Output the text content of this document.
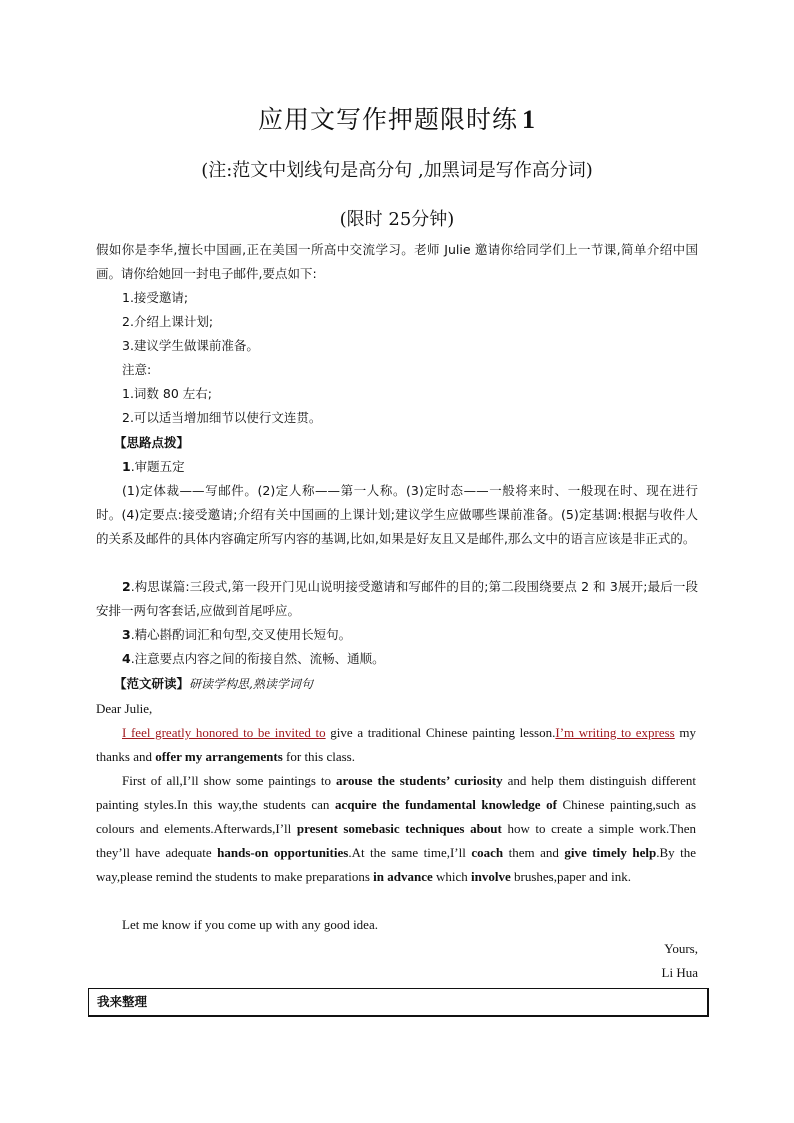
应用文写作押题限时练 1
(注:范文中划线句是高分句 ,加黑词是写作高分词)
(限时 25分钟)
假如你是李华,擅长中国画,正在美国一所高中交流学习。老师 Julie 邀请你给同学们上一节课,简单介绍中国画。请你给她回一封电子邮件,要点如下:
1.接受邀请;
2.介绍上课计划;
3.建议学生做课前准备。
注意:
1.词数 80 左右;
2.可以适当增加细节以使行文连贯。
【思路点拨】
1.审题五定
(1)定体裁——写邮件。(2)定人称——第一人称。(3)定时态——一般将来时、一般现在时、现在进行时。(4)定要点:接受邀请;介绍有关中国画的上课计划;建议学生应做哪些课前准备。(5)定基调:根据与收件人的关系及邮件的具体内容确定所写内容的基调,比如,如果是好友且又是邮件,那么文中的语言应该是非正式的。
2.构思谋篇:三段式,第一段开门见山说明接受邀请和写邮件的目的;第二段围绕要点 2 和 3展开;最后一段安排一两句客套话,应做到首尾呼应。
3.精心斟酌词汇和句型,交叉使用长短句。
4.注意要点内容之间的衔接自然、流畅、通顺。
【范文研读】研读学构思,熟读学词句
Dear Julie,
I feel greatly honored to be invited to give a traditional Chinese painting lesson.I’m writing to express my thanks and offer my arrangements for this class.
First of all,I’ll show some paintings to arouse the students’ curiosity and help them distinguish different painting styles.In this way,the students can acquire the fundamental knowledge of Chinese painting,such as colours and elements.Afterwards,I’ll present somebasic techniques about how to create a simple work.Then they’ll have adequate hands-on opportunities.At the same time,I’ll coach them and give timely help.By the way,please remind the students to make preparations in advance which involve brushes,paper and ink.
Let me know if you come up with any good idea.
Yours,
Li Hua
我来整理
